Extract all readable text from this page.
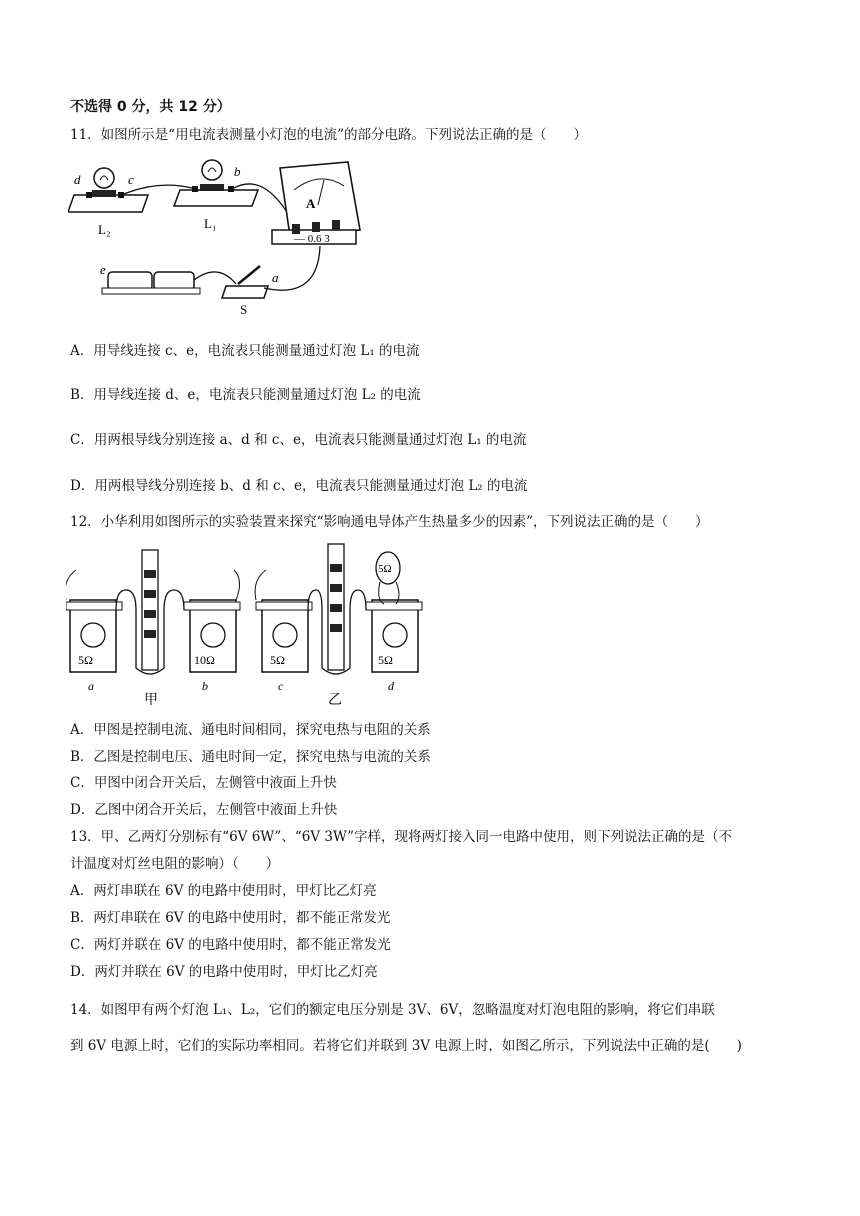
不选得 0 分，共 12 分）
11．如图所示是“用电流表测量小灯泡的电流”的部分电路。下列说法正确的是（　　）
d	c
b
L₂	L₁
A
— 0.6 3
e
a
S
A．用导线连接 c、e，电流表只能测量通过灯泡 L₁ 的电流
B．用导线连接 d、e，电流表只能测量通过灯泡 L₂ 的电流
C．用两根导线分别连接 a、d 和 c、e，电流表只能测量通过灯泡 L₁ 的电流
D．用两根导线分别连接 b、d 和 c、e，电流表只能测量通过灯泡 L₂ 的电流
12．小华利用如图所示的实验装置来探究“影响通电导体产生热量多少的因素”，下列说法正确的是（　　）
5Ω	10Ω
a	b
甲
5Ω
5Ω	5Ω
c	d
乙
A．甲图是控制电流、通电时间相同，探究电热与电阻的关系
B．乙图是控制电压、通电时间一定，探究电热与电流的关系
C．甲图中闭合开关后，左侧管中液面上升快
D．乙图中闭合开关后，左侧管中液面上升快
13．甲、乙两灯分别标有“6V 6W”、“6V 3W”字样，现将两灯接入同一电路中使用，则下列说法正确的是（不
计温度对灯丝电阻的影响）（　　）
A．两灯串联在 6V 的电路中使用时，甲灯比乙灯亮
B．两灯串联在 6V 的电路中使用时，都不能正常发光
C．两灯并联在 6V 的电路中使用时，都不能正常发光
D．两灯并联在 6V 的电路中使用时，甲灯比乙灯亮
14．如图甲有两个灯泡 L₁、L₂，它们的额定电压分别是 3V、6V，忽略温度对灯泡电阻的影响，将它们串联
到 6V 电源上时，它们的实际功率相同。若将它们并联到 3V 电源上时，如图乙所示，下列说法中正确的是(　　)
